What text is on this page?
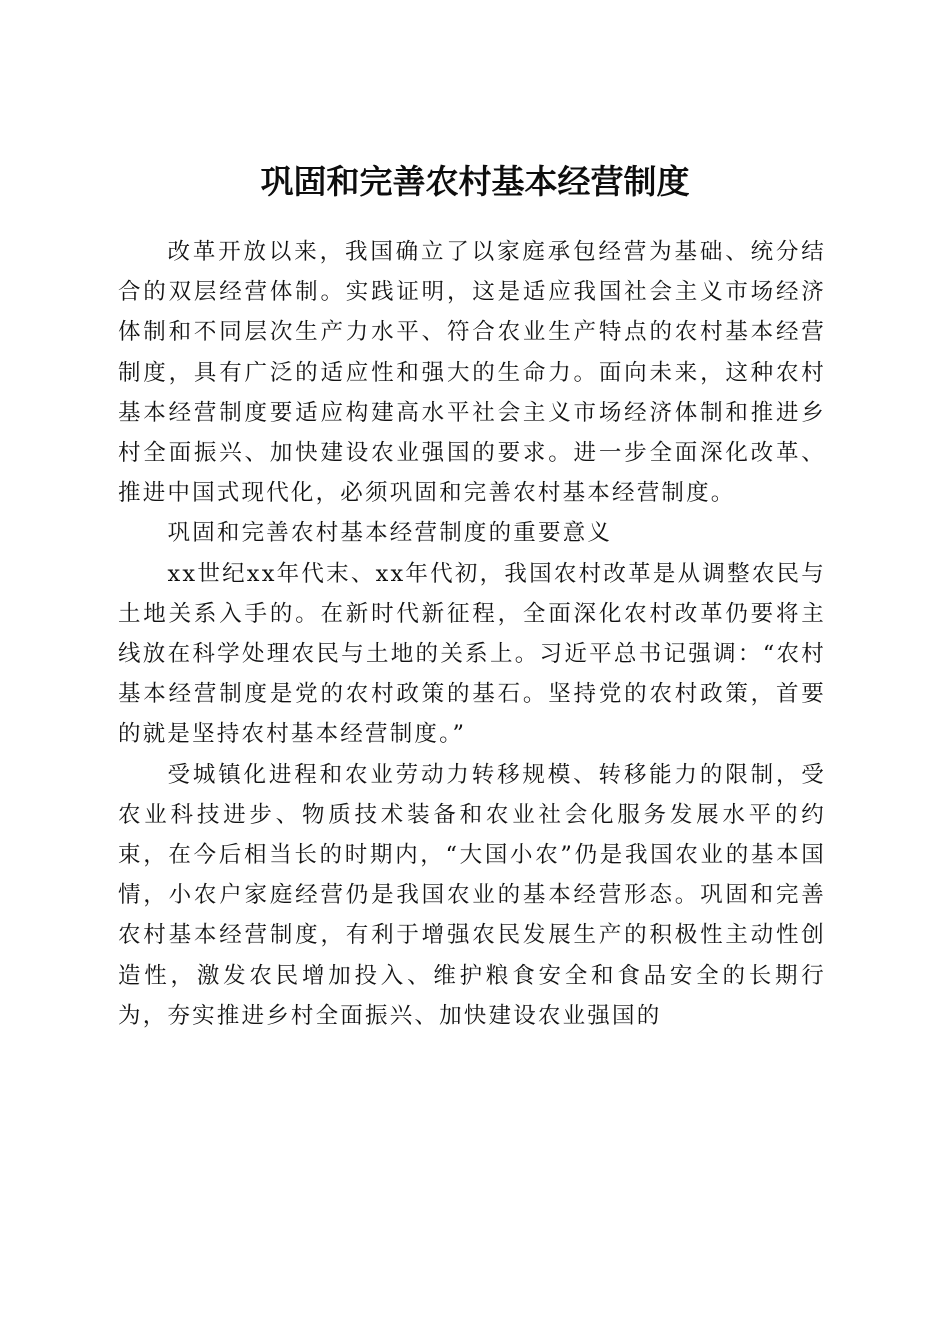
巩固和完善农村基本经营制度

改革开放以来，我国确立了以家庭承包经营为基础、统分结合的双层经营体制。实践证明，这是适应我国社会主义市场经济体制和不同层次生产力水平、符合农业生产特点的农村基本经营制度，具有广泛的适应性和强大的生命力。面向未来，这种农村基本经营制度要适应构建高水平社会主义市场经济体制和推进乡村全面振兴、加快建设农业强国的要求。进一步全面深化改革、推进中国式现代化，必须巩固和完善农村基本经营制度。

巩固和完善农村基本经营制度的重要意义

xx世纪xx年代末、xx年代初，我国农村改革是从调整农民与土地关系入手的。在新时代新征程，全面深化农村改革仍要将主线放在科学处理农民与土地的关系上。习近平总书记强调：“农村基本经营制度是党的农村政策的基石。坚持党的农村政策，首要的就是坚持农村基本经营制度。”

受城镇化进程和农业劳动力转移规模、转移能力的限制，受农业科技进步、物质技术装备和农业社会化服务发展水平的约束，在今后相当长的时期内，“大国小农”仍是我国农业的基本国情，小农户家庭经营仍是我国农业的基本经营形态。巩固和完善农村基本经营制度，有利于增强农民发展生产的积极性主动性创造性，激发农民增加投入、维护粮食安全和食品安全的长期行为，夯实推进乡村全面振兴、加快建设农业强国的
